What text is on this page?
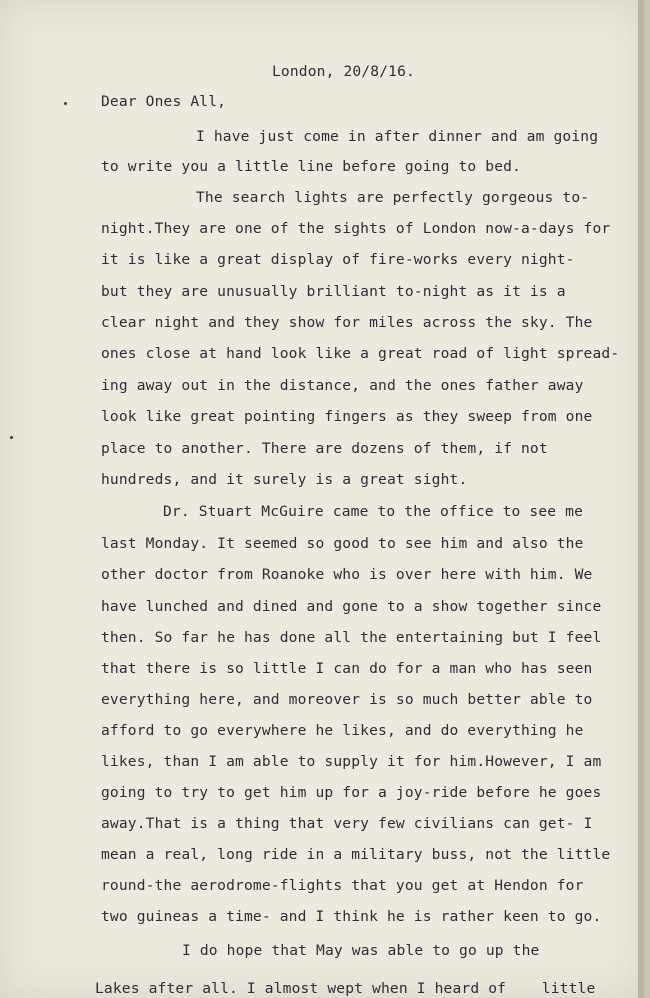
London, 20/8/16.
Dear Ones All,
I have just come in after dinner and am going
to write you a little line before going to bed.
The search lights are perfectly gorgeous to-
night.They are one of the sights of London now-a-days for
it is like a great display of fire-works every night-
but they are unusually brilliant to-night as it is a
clear night and they show for miles across the sky. The
ones close at hand look like a great road of light spread-
ing away out in the distance, and the ones father away
look like great pointing fingers as they sweep from one
place to another. There are dozens of them, if not
hundreds, and it surely is a great sight.
Dr. Stuart McGuire came to the office to see me
last Monday. It seemed so good to see him and also the
other doctor from Roanoke who is over here with him. We
have lunched and dined and gone to a show together since
then. So far he has done all the entertaining but I feel
that there is so little I can do for a man who has seen
everything here, and moreover is so much better able to
afford to go everywhere he likes, and do everything he
likes, than I am able to supply it for him.However, I am
going to try to get him up for a joy-ride before he goes
away.That is a thing that very few civilians can get- I
mean a real, long ride in a military buss, not the little
round-the aerodrome-flights that you get at Hendon for
two guineas a time- and I think he is rather keen to go.
I do hope that May was able to go up the
Lakes after all. I almost wept when I heard of    little
